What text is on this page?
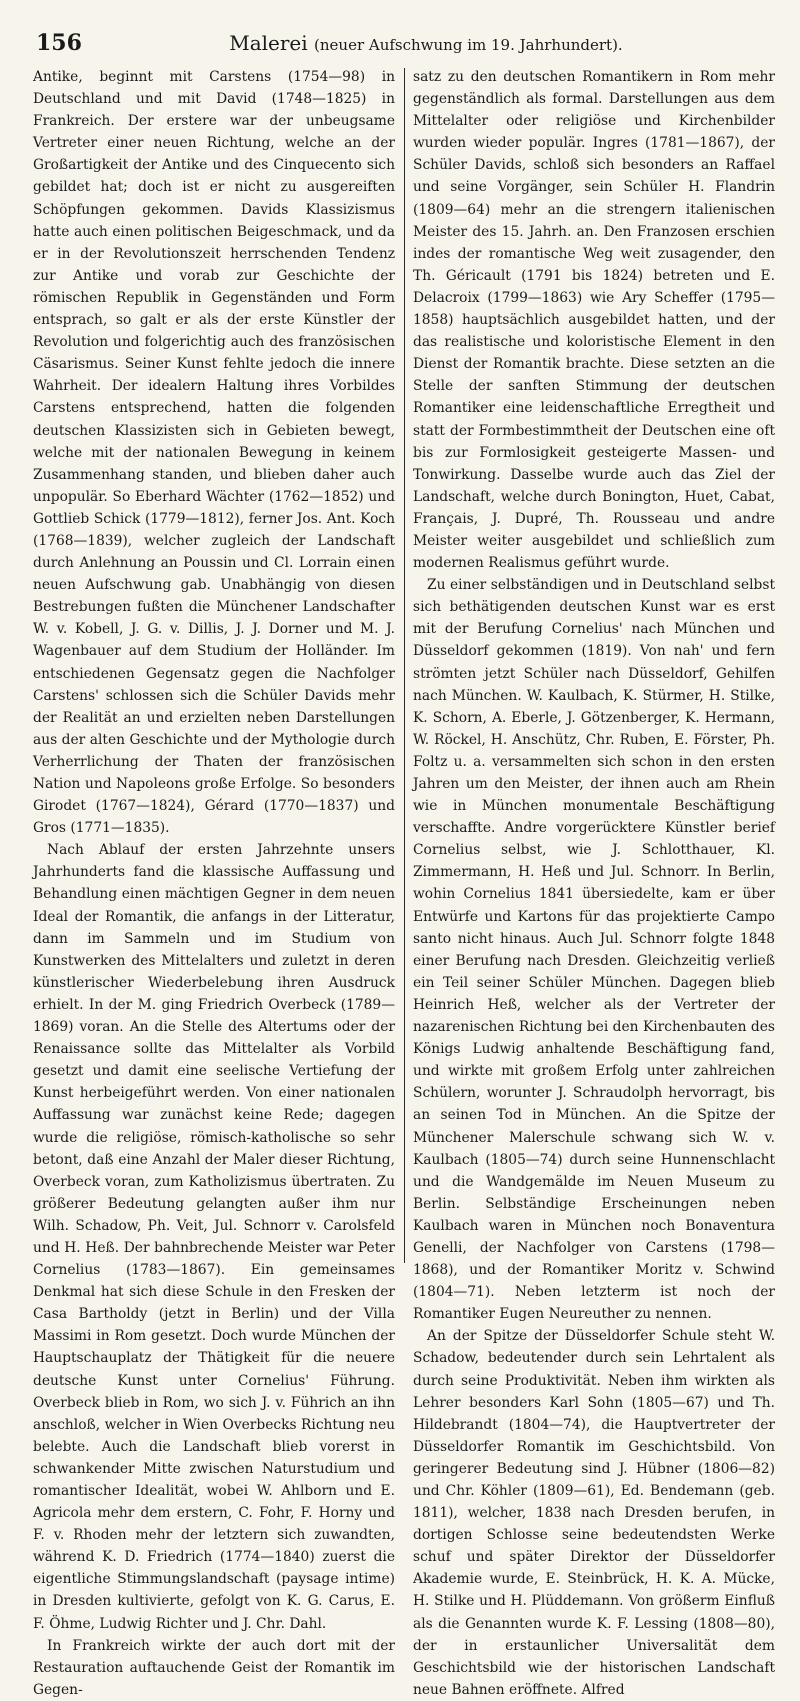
156	Malerei (neuer Aufschwung im 19. Jahrhundert).

Antike, beginnt mit Carstens (1754—98) in Deutschland und mit David (1748—1825) in Frankreich. Der erstere war der unbeugsame Vertreter einer neuen Richtung, welche an der Großartigkeit der Antike und des Cinquecento sich gebildet hat; doch ist er nicht zu ausgereiften Schöpfungen gekommen. Davids Klassizismus hatte auch einen politischen Beigeschmack, und da er in der Revolutionszeit herrschenden Tendenz zur Antike und vorab zur Geschichte der römischen Republik in Gegenständen und Form entsprach, so galt er als der erste Künstler der Revolution und folgerichtig auch des französischen Cäsarismus. Seiner Kunst fehlte jedoch die innere Wahrheit. Der idealern Haltung ihres Vorbildes Carstens entsprechend, hatten die folgenden deutschen Klassizisten sich in Gebieten bewegt, welche mit der nationalen Bewegung in keinem Zusammenhang standen, und blieben daher auch unpopulär. So Eberhard Wächter (1762—1852) und Gottlieb Schick (1779—1812), ferner Jos. Ant. Koch (1768—1839), welcher zugleich der Landschaft durch Anlehnung an Poussin und Cl. Lorrain einen neuen Aufschwung gab. Unabhängig von diesen Bestrebungen fußten die Münchener Landschafter W. v. Kobell, J. G. v. Dillis, J. J. Dorner und M. J. Wagenbauer auf dem Studium der Holländer. Im entschiedenen Gegensatz gegen die Nachfolger Carstens' schlossen sich die Schüler Davids mehr der Realität an und erzielten neben Darstellungen aus der alten Geschichte und der Mythologie durch Verherrlichung der Thaten der französischen Nation und Napoleons große Erfolge. So besonders Girodet (1767—1824), Gérard (1770—1837) und Gros (1771—1835).

Nach Ablauf der ersten Jahrzehnte unsers Jahrhunderts fand die klassische Auffassung und Behandlung einen mächtigen Gegner in dem neuen Ideal der Romantik, die anfangs in der Litteratur, dann im Sammeln und im Studium von Kunstwerken des Mittelalters und zuletzt in deren künstlerischer Wiederbelebung ihren Ausdruck erhielt. In der M. ging Friedrich Overbeck (1789—1869) voran. An die Stelle des Altertums oder der Renaissance sollte das Mittelalter als Vorbild gesetzt und damit eine seelische Vertiefung der Kunst herbeigeführt werden. Von einer nationalen Auffassung war zunächst keine Rede; dagegen wurde die religiöse, römisch-katholische so sehr betont, daß eine Anzahl der Maler dieser Richtung, Overbeck voran, zum Katholizismus übertraten. Zu größerer Bedeutung gelangten außer ihm nur Wilh. Schadow, Ph. Veit, Jul. Schnorr v. Carolsfeld und H. Heß. Der bahnbrechende Meister war Peter Cornelius (1783—1867). Ein gemeinsames Denkmal hat sich diese Schule in den Fresken der Casa Bartholdy (jetzt in Berlin) und der Villa Massimi in Rom gesetzt. Doch wurde München der Hauptschauplatz der Thätigkeit für die neuere deutsche Kunst unter Cornelius' Führung. Overbeck blieb in Rom, wo sich J. v. Führich an ihn anschloß, welcher in Wien Overbecks Richtung neu belebte. Auch die Landschaft blieb vorerst in schwankender Mitte zwischen Naturstudium und romantischer Idealität, wobei W. Ahlborn und E. Agricola mehr dem erstern, C. Fohr, F. Horny und F. v. Rhoden mehr der letztern sich zuwandten, während K. D. Friedrich (1774—1840) zuerst die eigentliche Stimmungslandschaft (paysage intime) in Dresden kultivierte, gefolgt von K. G. Carus, E. F. Öhme, Ludwig Richter und J. Chr. Dahl.

In Frankreich wirkte der auch dort mit der Restauration auftauchende Geist der Romantik im Gegen-

satz zu den deutschen Romantikern in Rom mehr gegenständlich als formal. Darstellungen aus dem Mittelalter oder religiöse und Kirchenbilder wurden wieder populär. Ingres (1781—1867), der Schüler Davids, schloß sich besonders an Raffael und seine Vorgänger, sein Schüler H. Flandrin (1809—64) mehr an die strengern italienischen Meister des 15. Jahrh. an. Den Franzosen erschien indes der romantische Weg weit zusagender, den Th. Géricault (1791 bis 1824) betreten und E. Delacroix (1799—1863) wie Ary Scheffer (1795—1858) hauptsächlich ausgebildet hatten, und der das realistische und koloristische Element in den Dienst der Romantik brachte. Diese setzten an die Stelle der sanften Stimmung der deutschen Romantiker eine leidenschaftliche Erregtheit und statt der Formbestimmtheit der Deutschen eine oft bis zur Formlosigkeit gesteigerte Massen- und Tonwirkung. Dasselbe wurde auch das Ziel der Landschaft, welche durch Bonington, Huet, Cabat, Français, J. Dupré, Th. Rousseau und andre Meister weiter ausgebildet und schließlich zum modernen Realismus geführt wurde.

Zu einer selbständigen und in Deutschland selbst sich bethätigenden deutschen Kunst war es erst mit der Berufung Cornelius' nach München und Düsseldorf gekommen (1819). Von nah' und fern strömten jetzt Schüler nach Düsseldorf, Gehilfen nach München. W. Kaulbach, K. Stürmer, H. Stilke, K. Schorn, A. Eberle, J. Götzenberger, K. Hermann, W. Röckel, H. Anschütz, Chr. Ruben, E. Förster, Ph. Foltz u. a. versammelten sich schon in den ersten Jahren um den Meister, der ihnen auch am Rhein wie in München monumentale Beschäftigung verschaffte. Andre vorgerücktere Künstler berief Cornelius selbst, wie J. Schlotthauer, Kl. Zimmermann, H. Heß und Jul. Schnorr. In Berlin, wohin Cornelius 1841 übersiedelte, kam er über Entwürfe und Kartons für das projektierte Campo santo nicht hinaus. Auch Jul. Schnorr folgte 1848 einer Berufung nach Dresden. Gleichzeitig verließ ein Teil seiner Schüler München. Dagegen blieb Heinrich Heß, welcher als der Vertreter der nazarenischen Richtung bei den Kirchenbauten des Königs Ludwig anhaltende Beschäftigung fand, und wirkte mit großem Erfolg unter zahlreichen Schülern, worunter J. Schraudolph hervorragt, bis an seinen Tod in München. An die Spitze der Münchener Malerschule schwang sich W. v. Kaulbach (1805—74) durch seine Hunnenschlacht und die Wandgemälde im Neuen Museum zu Berlin. Selbständige Erscheinungen neben Kaulbach waren in München noch Bonaventura Genelli, der Nachfolger von Carstens (1798—1868), und der Romantiker Moritz v. Schwind (1804—71). Neben letzterm ist noch der Romantiker Eugen Neureuther zu nennen.

An der Spitze der Düsseldorfer Schule steht W. Schadow, bedeutender durch sein Lehrtalent als durch seine Produktivität. Neben ihm wirkten als Lehrer besonders Karl Sohn (1805—67) und Th. Hildebrandt (1804—74), die Hauptvertreter der Düsseldorfer Romantik im Geschichtsbild. Von geringerer Bedeutung sind J. Hübner (1806—82) und Chr. Köhler (1809—61), Ed. Bendemann (geb. 1811), welcher, 1838 nach Dresden berufen, in dortigen Schlosse seine bedeutendsten Werke schuf und später Direktor der Düsseldorfer Akademie wurde, E. Steinbrück, H. K. A. Mücke, H. Stilke und H. Plüddemann. Von größerm Einfluß als die Genannten wurde K. F. Lessing (1808—80), der in erstaunlicher Universalität dem Geschichtsbild wie der historischen Landschaft neue Bahnen eröffnete. Alfred
